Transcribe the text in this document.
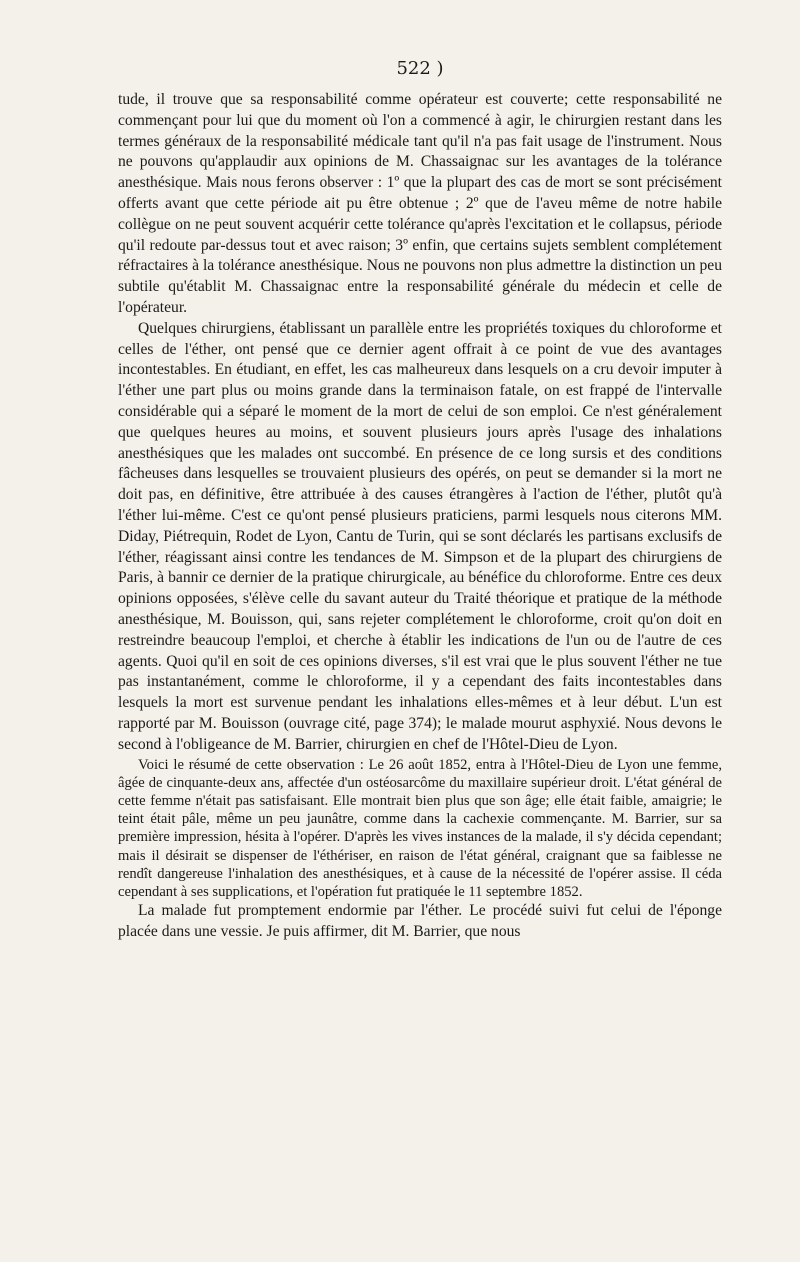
522 )

tude, il trouve que sa responsabilité comme opérateur est couverte; cette responsabilité ne commençant pour lui que du moment où l'on a commencé à agir, le chirurgien restant dans les termes généraux de la responsabilité médicale tant qu'il n'a pas fait usage de l'instrument. Nous ne pouvons qu'applaudir aux opinions de M. Chassaignac sur les avantages de la tolérance anesthésique. Mais nous ferons observer : 1º que la plupart des cas de mort se sont précisément offerts avant que cette période ait pu être obtenue ; 2º que de l'aveu même de notre habile collègue on ne peut souvent acquérir cette tolérance qu'après l'excitation et le collapsus, période qu'il redoute par-dessus tout et avec raison; 3º enfin, que certains sujets semblent complétement réfractaires à la tolérance anesthésique. Nous ne pouvons non plus admettre la distinction un peu subtile qu'établit M. Chassaignac entre la responsabilité générale du médecin et celle de l'opérateur.

Quelques chirurgiens, établissant un parallèle entre les propriétés toxiques du chloroforme et celles de l'éther, ont pensé que ce dernier agent offrait à ce point de vue des avantages incontestables. En étudiant, en effet, les cas malheureux dans lesquels on a cru devoir imputer à l'éther une part plus ou moins grande dans la terminaison fatale, on est frappé de l'intervalle considérable qui a séparé le moment de la mort de celui de son emploi. Ce n'est généralement que quelques heures au moins, et souvent plusieurs jours après l'usage des inhalations anesthésiques que les malades ont succombé. En présence de ce long sursis et des conditions fâcheuses dans lesquelles se trouvaient plusieurs des opérés, on peut se demander si la mort ne doit pas, en définitive, être attribuée à des causes étrangères à l'action de l'éther, plutôt qu'à l'éther lui-même. C'est ce qu'ont pensé plusieurs praticiens, parmi lesquels nous citerons MM. Diday, Piétrequin, Rodet de Lyon, Cantu de Turin, qui se sont déclarés les partisans exclusifs de l'éther, réagissant ainsi contre les tendances de M. Simpson et de la plupart des chirurgiens de Paris, à bannir ce dernier de la pratique chirurgicale, au bénéfice du chloroforme. Entre ces deux opinions opposées, s'élève celle du savant auteur du Traité théorique et pratique de la méthode anesthésique, M. Bouisson, qui, sans rejeter complétement le chloroforme, croit qu'on doit en restreindre beaucoup l'emploi, et cherche à établir les indications de l'un ou de l'autre de ces agents. Quoi qu'il en soit de ces opinions diverses, s'il est vrai que le plus souvent l'éther ne tue pas instantanément, comme le chloroforme, il y a cependant des faits incontestables dans lesquels la mort est survenue pendant les inhalations elles-mêmes et à leur début. L'un est rapporté par M. Bouisson (ouvrage cité, page 374); le malade mourut asphyxié. Nous devons le second à l'obligeance de M. Barrier, chirurgien en chef de l'Hôtel-Dieu de Lyon.

Voici le résumé de cette observation : Le 26 août 1852, entra à l'Hôtel-Dieu de Lyon une femme, âgée de cinquante-deux ans, affectée d'un ostéosarcôme du maxillaire supérieur droit. L'état général de cette femme n'était pas satisfaisant. Elle montrait bien plus que son âge; elle était faible, amaigrie; le teint était pâle, même un peu jaunâtre, comme dans la cachexie commençante. M. Barrier, sur sa première impression, hésita à l'opérer. D'après les vives instances de la malade, il s'y décida cependant; mais il désirait se dispenser de l'éthériser, en raison de l'état général, craignant que sa faiblesse ne rendît dangereuse l'inhalation des anesthésiques, et à cause de la nécessité de l'opérer assise. Il céda cependant à ses supplications, et l'opération fut pratiquée le 11 septembre 1852.

La malade fut promptement endormie par l'éther. Le procédé suivi fut celui de l'éponge placée dans une vessie. Je puis affirmer, dit M. Barrier, que nous
